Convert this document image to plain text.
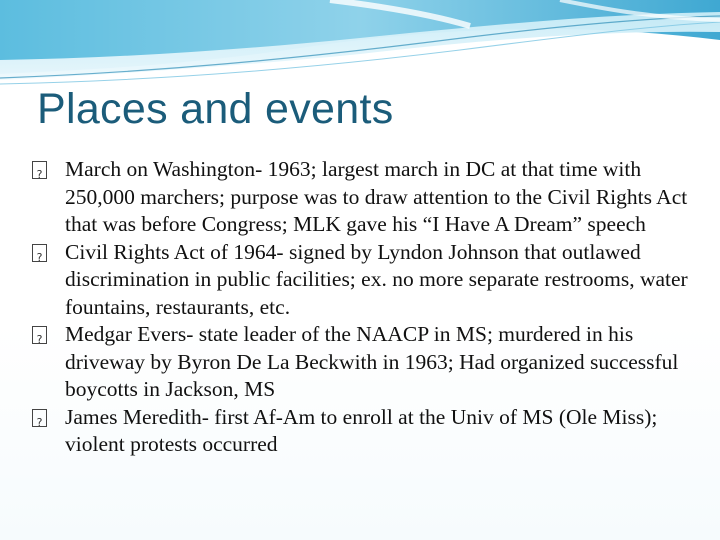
Places and events
?
March on Washington- 1963; largest march in DC at that time with 250,000 marchers; purpose was to draw attention to the Civil Rights Act that was before Congress; MLK gave his “I Have A Dream” speech
?
Civil Rights Act of 1964- signed by Lyndon Johnson that outlawed discrimination in public facilities; ex. no more separate restrooms, water fountains, restaurants, etc.
?
Medgar Evers- state leader of the NAACP in MS; murdered in his driveway by Byron De La Beckwith in 1963; Had organized successful boycotts in Jackson, MS
?
James Meredith- first Af-Am to enroll at the Univ of MS (Ole Miss); violent protests occurred
